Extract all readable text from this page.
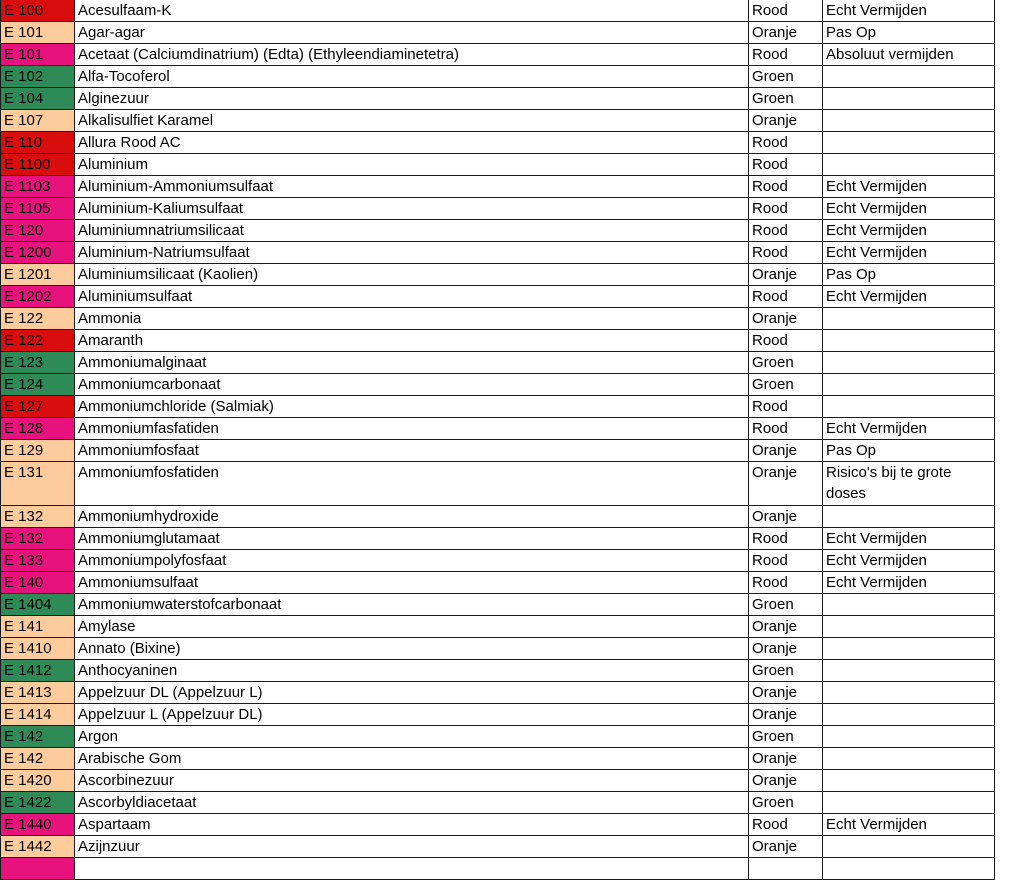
E 100	Acesulfaam-K	Rood	Echt Vermijden
E 101	Agar-agar	Oranje	Pas Op
E 101	Acetaat (Calciumdinatrium) (Edta) (Ethyleendiaminetetra)	Rood	Absoluut vermijden
E 102	Alfa-Tocoferol	Groen	
E 104	Alginezuur	Groen	
E 107	Alkalisulfiet Karamel	Oranje	
E 110	Allura Rood AC	Rood	
E 1100	Aluminium	Rood	
E 1103	Aluminium-Ammoniumsulfaat	Rood	Echt Vermijden
E 1105	Aluminium-Kaliumsulfaat	Rood	Echt Vermijden
E 120	Aluminiumnatriumsilicaat	Rood	Echt Vermijden
E 1200	Aluminium-Natriumsulfaat	Rood	Echt Vermijden
E 1201	Aluminiumsilicaat (Kaolien)	Oranje	Pas Op
E 1202	Aluminiumsulfaat	Rood	Echt Vermijden
E 122	Ammonia	Oranje	
E 122	Amaranth	Rood	
E 123	Ammoniumalginaat	Groen	
E 124	Ammoniumcarbonaat	Groen	
E 127	Ammoniumchloride (Salmiak)	Rood	
E 128	Ammoniumfasfatiden	Rood	Echt Vermijden
E 129	Ammoniumfosfaat	Oranje	Pas Op
E 131	Ammoniumfosfatiden	Oranje	Risico's bij te grote doses
E 132	Ammoniumhydroxide	Oranje	
E 132	Ammoniumglutamaat	Rood	Echt Vermijden
E 133	Ammoniumpolyfosfaat	Rood	Echt Vermijden
E 140	Ammoniumsulfaat	Rood	Echt Vermijden
E 1404	Ammoniumwaterstofcarbonaat	Groen	
E 141	Amylase	Oranje	
E 1410	Annato (Bixine)	Oranje	
E 1412	Anthocyaninen	Groen	
E 1413	Appelzuur DL (Appelzuur L)	Oranje	
E 1414	Appelzuur L (Appelzuur DL)	Oranje	
E 142	Argon	Groen	
E 142	Arabische Gom	Oranje	
E 1420	Ascorbinezuur	Oranje	
E 1422	Ascorbyldiacetaat	Groen	
E 1440	Aspartaam	Rood	Echt Vermijden
E 1442	Azijnzuur	Oranje	
